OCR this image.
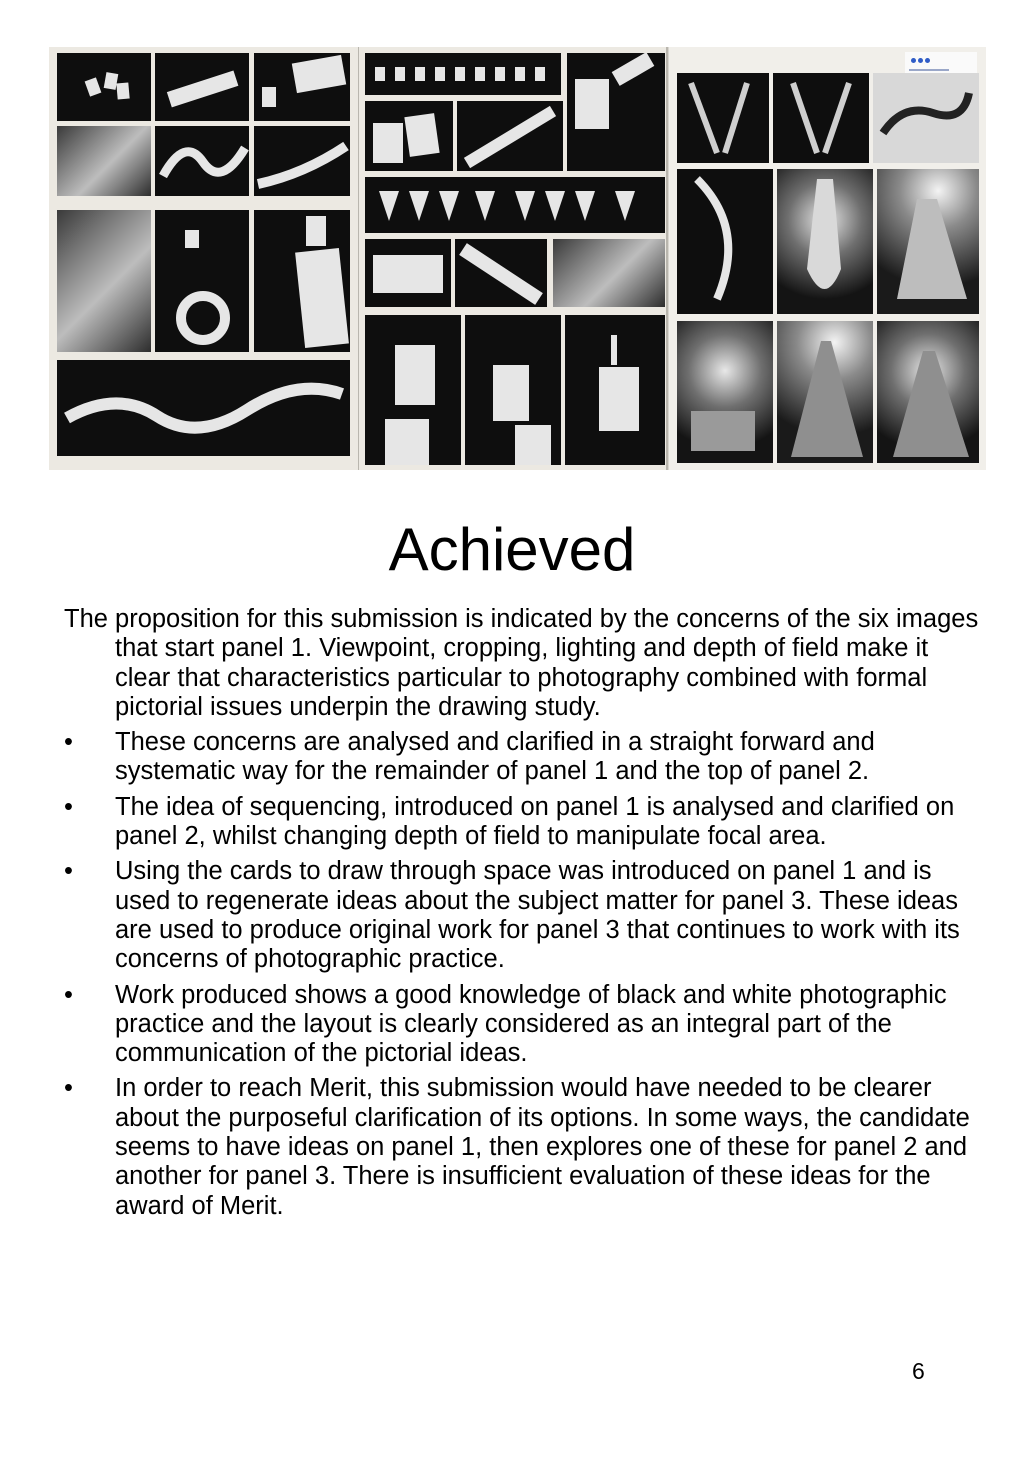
Achieved

The proposition for this submission is indicated by the concerns of the six images that start panel 1. Viewpoint, cropping, lighting and depth of field make it clear that characteristics particular to photography combined with formal pictorial issues underpin the drawing study.

• These concerns are analysed and clarified in a straight forward and systematic way for the remainder of panel 1 and the top of panel 2.
• The idea of sequencing, introduced on panel 1 is analysed and clarified on panel 2, whilst changing depth of field to manipulate focal area.
• Using the cards to draw through space was introduced on panel 1 and is used to regenerate ideas about the subject matter for panel 3. These ideas are used to produce original work for panel 3 that continues to work with its concerns of photographic practice.
• Work produced shows a good knowledge of black and white photographic practice and the layout is clearly considered as an integral part of the communication of the pictorial ideas.
• In order to reach Merit, this submission would have needed to be clearer about the purposeful clarification of its options. In some ways, the candidate seems to have ideas on panel 1, then explores one of these for panel 2 and another for panel 3. There is insufficient evaluation of these ideas for the award of Merit.
6
